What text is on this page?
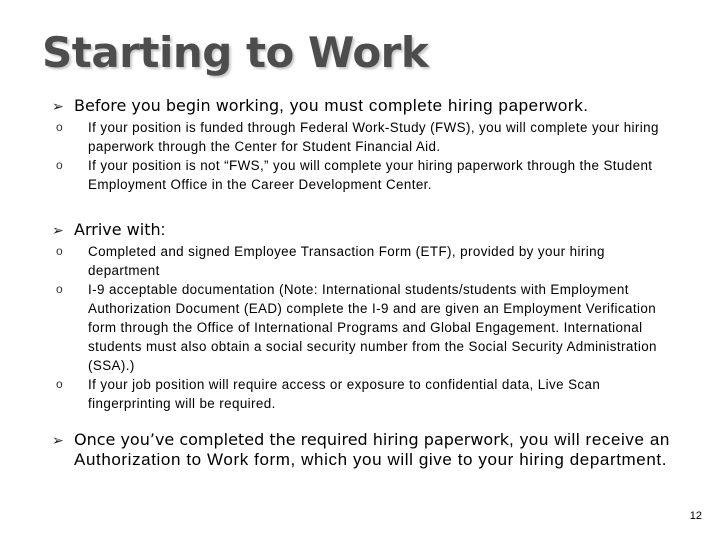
Starting to Work
➢ Before you begin working, you must complete hiring paperwork.
o If your position is funded through Federal Work-Study (FWS), you will complete your hiring paperwork through the Center for Student Financial Aid.
o If your position is not “FWS,” you will complete your hiring paperwork through the Student Employment Office in the Career Development Center.
➢ Arrive with:
o Completed and signed Employee Transaction Form (ETF), provided by your hiring department
o I-9 acceptable documentation (Note: International students/students with Employment Authorization Document (EAD) complete the I-9 and are given an Employment Verification form through the Office of International Programs and Global Engagement. International students must also obtain a social security number from the Social Security Administration (SSA).)
o If your job position will require access or exposure to confidential data, Live Scan fingerprinting will be required.
➢ Once you’ve completed the required hiring paperwork, you will receive an Authorization to Work form, which you will give to your hiring department.
12
